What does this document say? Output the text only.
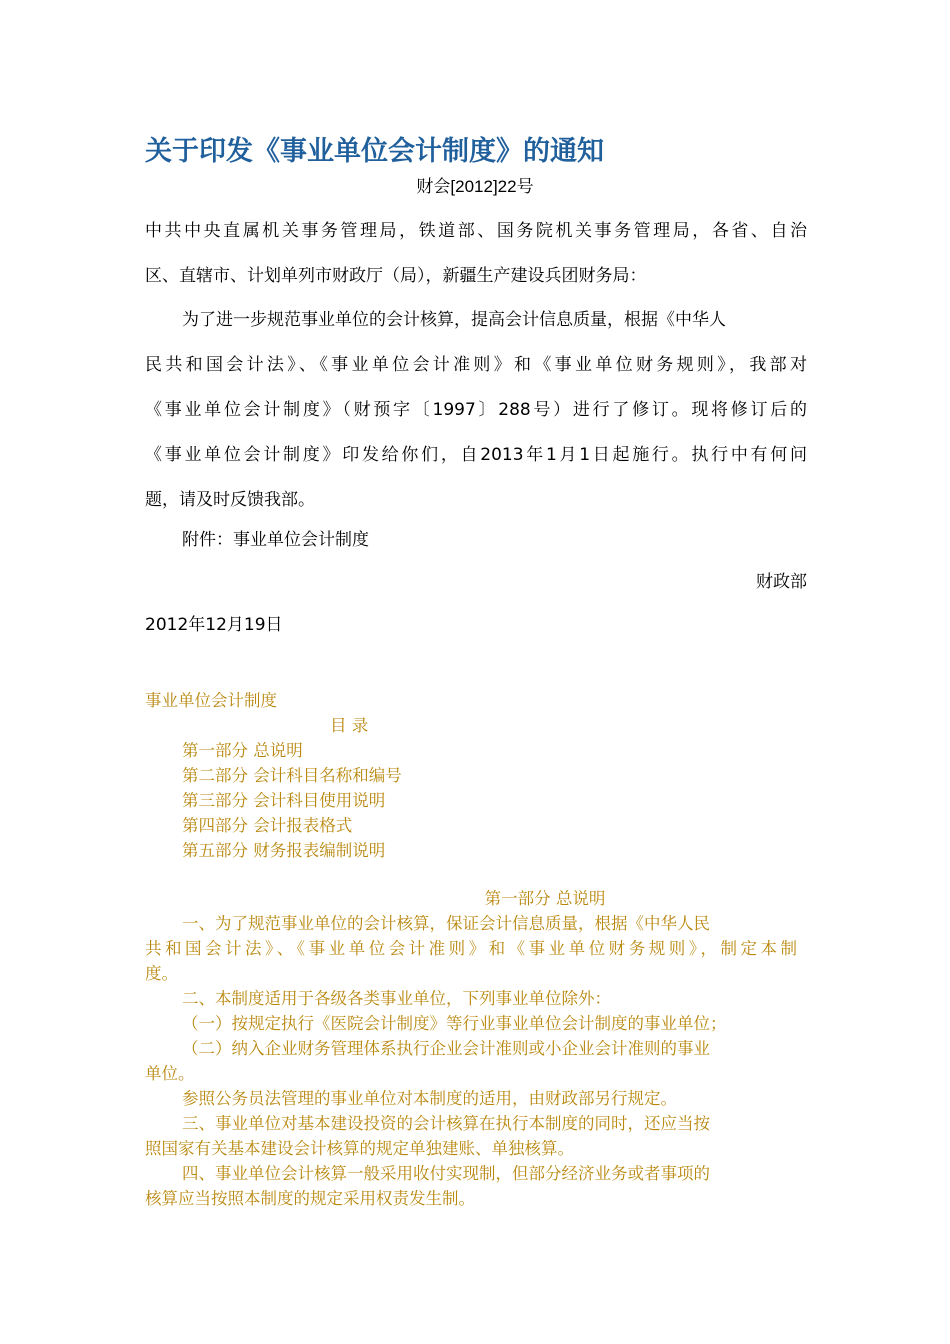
关于印发《事业单位会计制度》的通知
财会[2012]22号
中共中央直属机关事务管理局，铁道部、国务院机关事务管理局，各省、自治
区、直辖市、计划单列市财政厅（局），新疆生产建设兵团财务局：
为了进一步规范事业单位的会计核算，提高会计信息质量，根据《中华人
民共和国会计法》、《事业单位会计准则》和《事业单位财务规则》，我部对
《事业单位会计制度》（财预字〔1997〕288号）进行了修订。现将修订后的
《事业单位会计制度》印发给你们，自2013年1月1日起施行。执行中有何问
题，请及时反馈我部。
附件：事业单位会计制度
财政部
2012年12月19日
事业单位会计制度
目 录
第一部分 总说明
第二部分 会计科目名称和编号
第三部分 会计科目使用说明
第四部分 会计报表格式
第五部分 财务报表编制说明
第一部分 总说明
一、为了规范事业单位的会计核算，保证会计信息质量，根据《中华人民
共和国会计法》、《事业单位会计准则》和《事业单位财务规则》，制定本制
度。
二、本制度适用于各级各类事业单位，下列事业单位除外：
（一）按规定执行《医院会计制度》等行业事业单位会计制度的事业单位；
（二）纳入企业财务管理体系执行企业会计准则或小企业会计准则的事业
单位。
参照公务员法管理的事业单位对本制度的适用，由财政部另行规定。
三、事业单位对基本建设投资的会计核算在执行本制度的同时，还应当按
照国家有关基本建设会计核算的规定单独建账、单独核算。
四、事业单位会计核算一般采用收付实现制，但部分经济业务或者事项的
核算应当按照本制度的规定采用权责发生制。
